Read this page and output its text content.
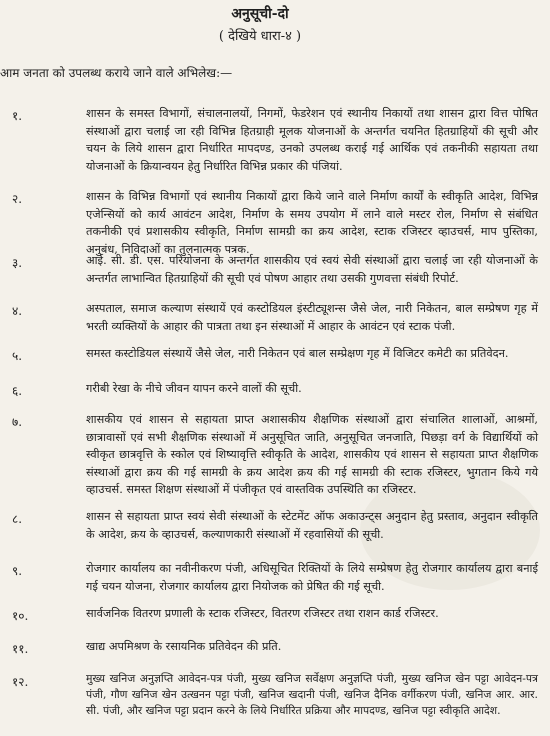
अनुसूची-दो
( देखिये धारा-४ )
आम जनता को उपलब्ध कराये जाने वाले अभिलेख:—
१.	शासन के समस्त विभागों, संचालनालयों, निगमों, फेडरेशन एवं स्थानीय निकायों तथा शासन द्वारा वित्त पोषित संस्थाओं द्वारा चलाई जा रही विभिन्न हितग्राही मूलक योजनाओं के अन्तर्गत चयनित हितग्राहियों की सूची और चयन के लिये शासन द्वारा निर्धारित मापदण्ड, उनको उपलब्ध कराई गई आर्थिक एवं तकनीकी सहायता तथा योजनाओं के क्रियान्वयन हेतु निर्धारित विभिन्न प्रकार की पंजियां.
२.	शासन के विभिन्न विभागों एवं स्थानीय निकायों द्वारा किये जाने वाले निर्माण कार्यों के स्वीकृति आदेश, विभिन्न एजेन्सियों को कार्य आवंटन आदेश, निर्माण के समय उपयोग में लाने वाले मस्टर रोल, निर्माण से संबंधित तकनीकी एवं प्रशासकीय स्वीकृति, निर्माण सामग्री का क्रय आदेश, स्टाक रजिस्टर व्हाउचर्स, माप पुस्तिका, अनुबंध, निविदाओं का तुलनात्मक पत्रक.
३.	आई. सी. डी. एस. परियोजना के अन्तर्गत शासकीय एवं स्वयं सेवी संस्थाओं द्वारा चलाई जा रही योजनाओं के अन्तर्गत लाभान्वित हितग्राहियों की सूची एवं पोषण आहार तथा उसकी गुणवत्ता संबंधी रिपोर्ट.
४.	अस्पताल, समाज कल्याण संस्थायें एवं कस्टोडियल इंस्टीट्यूशन्स जैसे जेल, नारी निकेतन, बाल सम्प्रेषण गृह में भरती व्यक्तियों के आहार की पात्रता तथा इन संस्थाओं में आहार के आवंटन एवं स्टाक पंजी.
५.	समस्त कस्टोडियल संस्थायें जैसे जेल, नारी निकेतन एवं बाल सम्प्रेक्षण गृह में विजिटर कमेटी का प्रतिवेदन.
६.	गरीबी रेखा के नीचे जीवन यापन करने वालों की सूची.
७.	शासकीय एवं शासन से सहायता प्राप्त अशासकीय शैक्षणिक संस्थाओं द्वारा संचालित शालाओं, आश्रमों, छात्रावासों एवं सभी शैक्षणिक संस्थाओं में अनुसूचित जाति, अनुसूचित जनजाति, पिछड़ा वर्ग के विद्यार्थियों को स्वीकृत छात्रवृत्ति के स्कोल एवं शिष्यावृत्ति स्वीकृति के आदेश, शासकीय एवं शासन से सहायता प्राप्त शैक्षणिक संस्थाओं द्वारा क्रय की गई सामग्री के क्रय आदेश क्रय की गई सामग्री की स्टाक रजिस्टर, भुगतान किये गये व्हाउचर्स. समस्त शिक्षण संस्थाओं में पंजीकृत एवं वास्तविक उपस्थिति का रजिस्टर.
८.	शासन से सहायता प्राप्त स्वयं सेवी संस्थाओं के स्टेटमेंट ऑफ अकाउन्ट्स अनुदान हेतु प्रस्ताव, अनुदान स्वीकृति के आदेश, क्रय के व्हाउचर्स, कल्याणकारी संस्थाओं में रहवासियों की सूची.
९.	रोजगार कार्यालय का नवीनीकरण पंजी, अधिसूचित रिक्तियों के लिये सम्प्रेषण हेतु रोजगार कार्यालय द्वारा बनाई गई चयन योजना, रोजगार कार्यालय द्वारा नियोजक को प्रेषित की गई सूची.
१०.	सार्वजनिक वितरण प्रणाली के स्टाक रजिस्टर, वितरण रजिस्टर तथा राशन कार्ड रजिस्टर.
११.	खाद्य अपमिश्रण के रसायनिक प्रतिवेदन की प्रति.
१२.	मुख्य खनिज अनुज्ञप्ति आवेदन-पत्र पंजी, मुख्य खनिज सर्वेक्षण अनुज्ञप्ति पंजी, मुख्य खनिज खेन पट्टा आवेदन-पत्र पंजी, गौण खनिज खेन उत्खनन पट्टा पंजी, खनिज खदानी पंजी, खनिज दैनिक वर्गीकरण पंजी, खनिज आर. आर. सी. पंजी, और खनिज पट्टा प्रदान करने के लिये निर्धारित प्रक्रिया और मापदण्ड, खनिज पट्टा स्वीकृति आदेश.
